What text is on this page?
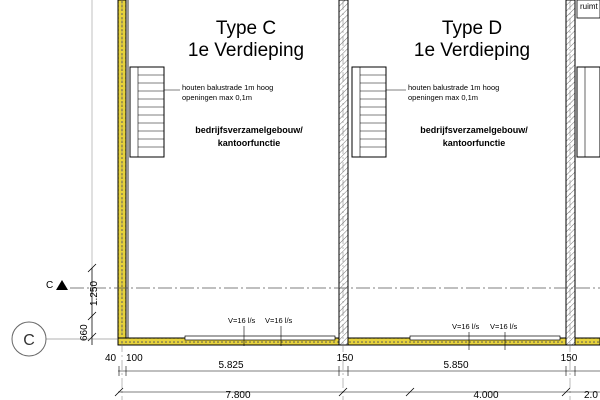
1.250
660
C
C
Type C
1e Verdieping
houten balustrade 1m hoog
openingen max 0,1m
bedrijfsverzamelgebouw/
kantoorfunctie
V=16 l/s V=16 l/s
Type D
1e Verdieping
houten balustrade 1m hoog
openingen max 0,1m
bedrijfsverzamelgebouw/
kantoorfunctie
V=16 l/s V=16 l/s
ruimt
40 100
5.825
150
5.850
150
7.800	4.000	2.0
